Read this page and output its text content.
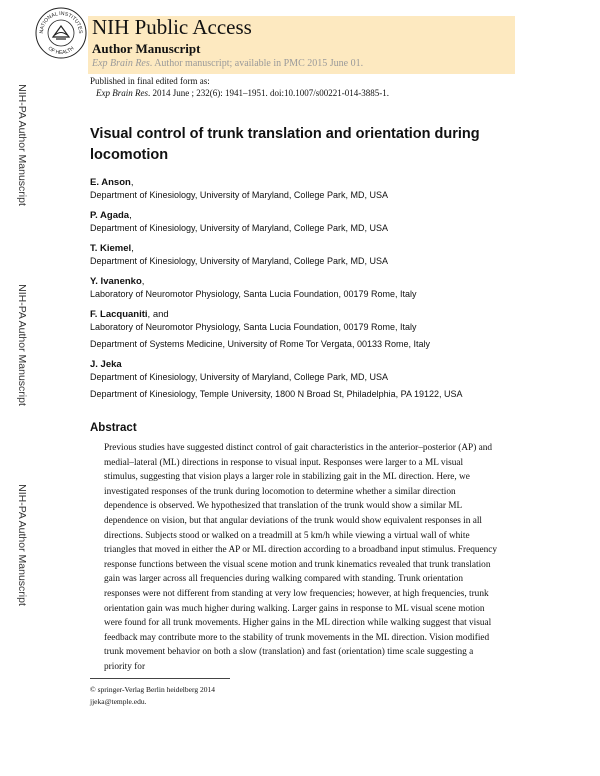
NATIONAL INSTITUTES
OF HEALTH
NIH Public Access
Author Manuscript
Exp Brain Res. Author manuscript; available in PMC 2015 June 01.
Published in final edited form as:
Exp Brain Res. 2014 June ; 232(6): 1941–1951. doi:10.1007/s00221-014-3885-1.
NIH-PA Author Manuscript
NIH-PA Author Manuscript
NIH-PA Author Manuscript
Visual control of trunk translation and orientation during locomotion
E. Anson,
Department of Kinesiology, University of Maryland, College Park, MD, USA
P. Agada,
Department of Kinesiology, University of Maryland, College Park, MD, USA
T. Kiemel,
Department of Kinesiology, University of Maryland, College Park, MD, USA
Y. Ivanenko,
Laboratory of Neuromotor Physiology, Santa Lucia Foundation, 00179 Rome, Italy
F. Lacquaniti, and
Laboratory of Neuromotor Physiology, Santa Lucia Foundation, 00179 Rome, Italy
Department of Systems Medicine, University of Rome Tor Vergata, 00133 Rome, Italy
J. Jeka
Department of Kinesiology, University of Maryland, College Park, MD, USA
Department of Kinesiology, Temple University, 1800 N Broad St, Philadelphia, PA 19122, USA
Abstract
Previous studies have suggested distinct control of gait characteristics in the anterior–posterior (AP) and medial–lateral (ML) directions in response to visual input. Responses were larger to a ML visual stimulus, suggesting that vision plays a larger role in stabilizing gait in the ML direction. Here, we investigated responses of the trunk during locomotion to determine whether a similar direction dependence is observed. We hypothesized that translation of the trunk would show a similar ML dependence on vision, but that angular deviations of the trunk would show equivalent responses in all directions. Subjects stood or walked on a treadmill at 5 km/h while viewing a virtual wall of white triangles that moved in either the AP or ML direction according to a broadband input stimulus. Frequency response functions between the visual scene motion and trunk kinematics revealed that trunk translation gain was larger across all frequencies during walking compared with standing. Trunk orientation responses were not different from standing at very low frequencies; however, at high frequencies, trunk orientation gain was much higher during walking. Larger gains in response to ML visual scene motion were found for all trunk movements. Higher gains in the ML direction while walking suggest that visual feedback may contribute more to the stability of trunk movements in the ML direction. Vision modified trunk movement behavior on both a slow (translation) and fast (orientation) time scale suggesting a priority for
© springer-Verlag Berlin heidelberg 2014
jjeka@temple.edu.
